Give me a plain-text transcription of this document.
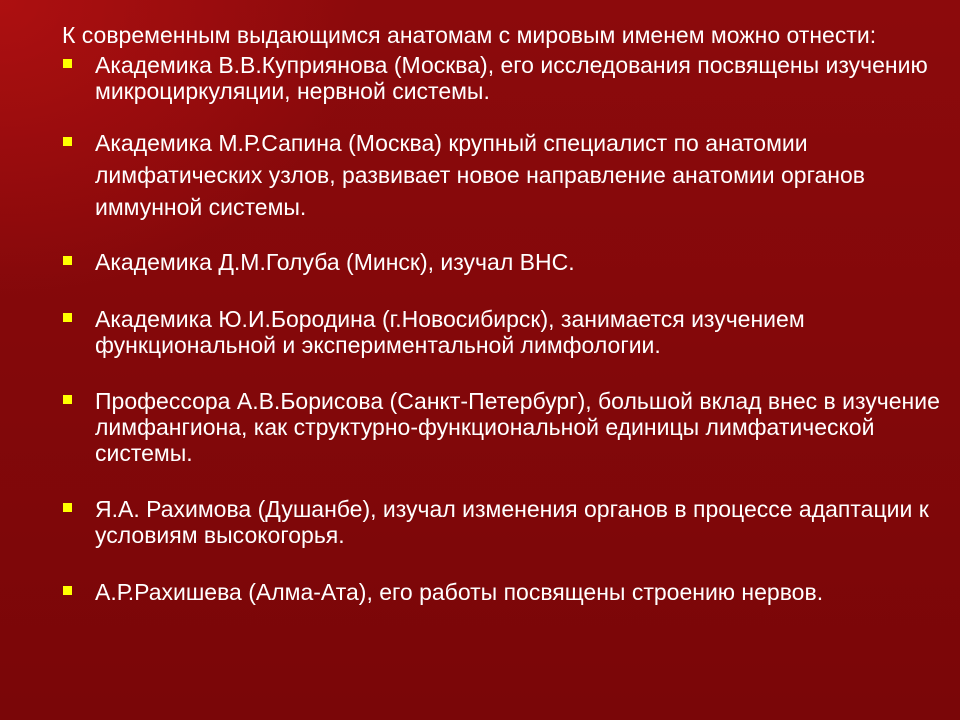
К современным выдающимся анатомам с мировым именем можно отнести:
Академика В.В.Куприянова (Москва), его исследования посвящены изучению микроциркуляции, нервной системы.
Академика М.Р.Сапина (Москва) крупный специалист по анатомии лимфатических узлов, развивает новое направление анатомии органов иммунной системы.
Академика Д.М.Голуба (Минск), изучал ВНС.
Академика Ю.И.Бородина (г.Новосибирск), занимается изучением функциональной и экспериментальной лимфологии.
Профессора А.В.Борисова (Санкт-Петербург), большой вклад внес в изучение лимфангиона, как структурно-функциональной единицы лимфатической системы.
Я.А. Рахимова (Душанбе), изучал изменения органов в процессе адаптации к условиям высокогорья.
А.Р.Рахишева (Алма-Ата), его работы посвящены строению нервов.
